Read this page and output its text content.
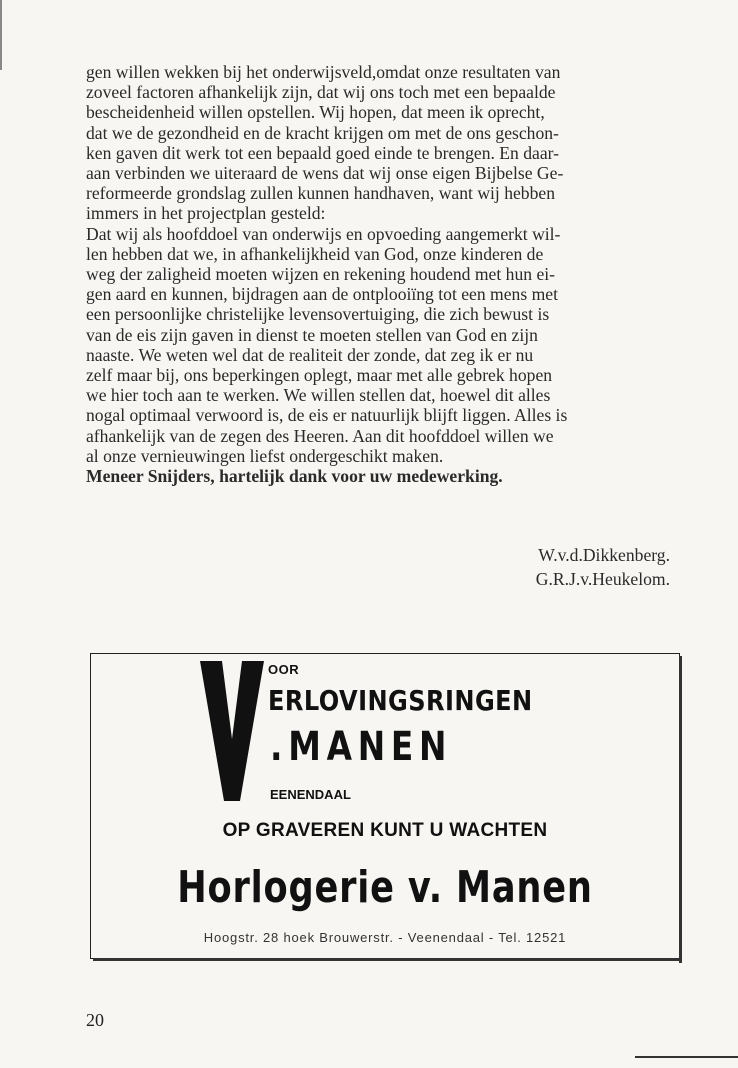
gen willen wekken bij het onderwijsveld,omdat onze resultaten van
zoveel factoren afhankelijk zijn, dat wij ons toch met een bepaalde
bescheidenheid willen opstellen. Wij hopen, dat meen ik oprecht,
dat we de gezondheid en de kracht krijgen om met de ons geschon-
ken gaven dit werk tot een bepaald goed einde te brengen. En daar-
aan verbinden we uiteraard de wens dat wij onse eigen Bijbelse Ge-
reformeerde grondslag zullen kunnen handhaven, want wij hebben
immers in het projectplan gesteld:
Dat wij als hoofddoel van onderwijs en opvoeding aangemerkt wil-
len hebben dat we, in afhankelijkheid van God, onze kinderen de
weg der zaligheid moeten wijzen en rekening houdend met hun ei-
gen aard en kunnen, bijdragen aan de ontplooiïng tot een mens met
een persoonlijke christelijke levensovertuiging, die zich bewust is
van de eis zijn gaven in dienst te moeten stellen van God en zijn
naaste. We weten wel dat de realiteit der zonde, dat zeg ik er nu
zelf maar bij, ons beperkingen oplegt, maar met alle gebrek hopen
we hier toch aan te werken. We willen stellen dat, hoewel dit alles
nogal optimaal verwoord is, de eis er natuurlijk blijft liggen. Alles is
afhankelijk van de zegen des Heeren. Aan dit hoofddoel willen we
al onze vernieuwingen liefst ondergeschikt maken.
Meneer Snijders, hartelijk dank voor uw medewerking.
W.v.d.Dikkenberg.
G.R.J.v.Heukelom.
OOR
ERLOVINGSRINGEN
.MANEN
EENENDAAL
OP GRAVEREN KUNT U WACHTEN
Horlogerie v. Manen
Hoogstr. 28 hoek Brouwerstr. - Veenendaal - Tel. 12521
20
